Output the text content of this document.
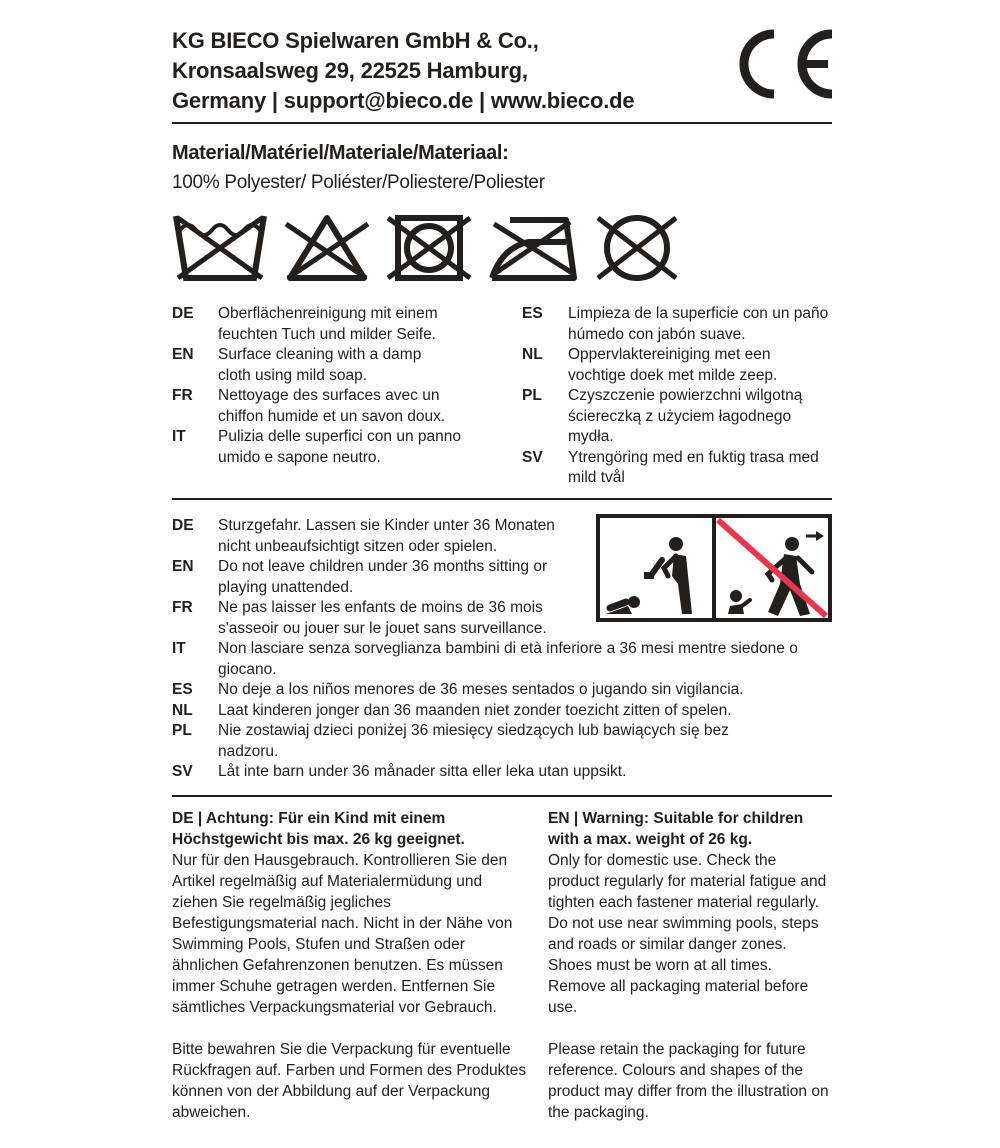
KG BIECO Spielwaren GmbH & Co.,
Kronsaalsweg 29, 22525 Hamburg,
Germany | support@bieco.de | www.bieco.de
Material/Matériel/Materiale/Materiaal:
100% Polyester/ Poliéster/Poliestere/Poliester
DE	Oberflächenreinigung mit einem feuchten Tuch und milder Seife.
EN	Surface cleaning with a damp cloth using mild soap.
FR	Nettoyage des surfaces avec un chiffon humide et un savon doux.
IT	Pulizia delle superfici con un panno umido e sapone neutro.
ES	Limpieza de la superficie con un paño húmedo con jabón suave.
NL	Oppervlaktereiniging met een vochtige doek met milde zeep.
PL	Czyszczenie powierzchni wilgotną ściereczką z użyciem łagodnego mydła.
SV	Ytrengöring med en fuktig trasa med mild tvål
DE	Sturzgefahr. Lassen sie Kinder unter 36 Monaten nicht unbeaufsichtigt sitzen oder spielen.
EN	Do not leave children under 36 months sitting or playing unattended.
FR	Ne pas laisser les enfants de moins de 36 mois s'asseoir ou jouer sur le jouet sans surveillance.
IT	Non lasciare senza sorveglianza bambini di età inferiore a 36 mesi mentre siedone o giocano.
ES	No deje a los niños menores de 36 meses sentados o jugando sin vigilancia.
NL	Laat kinderen jonger dan 36 maanden niet zonder toezicht zitten of spelen.
PL	Nie zostawiaj dzieci poniżej 36 miesięcy siedzących lub bawiących się bez nadzoru.
SV	Låt inte barn under 36 månader sitta eller leka utan uppsikt.

DE | Achtung: Für ein Kind mit einem Höchstgewicht bis max. 26 kg geeignet.

Nur für den Hausgebrauch. Kontrollieren Sie den Artikel regelmäßig auf Materialermüdung und ziehen Sie regelmäßig jegliches Befestigungsmaterial nach. Nicht in der Nähe von Swimming Pools, Stufen und Straßen oder ähnlichen Gefahrenzonen benutzen. Es müssen immer Schuhe getragen werden. Entfernen Sie sämtliches Verpackungsmaterial vor Gebrauch.

Bitte bewahren Sie die Verpackung für eventuelle Rückfragen auf. Farben und Formen des Produktes können von der Abbildung auf der Verpackung abweichen.

EN | Warning: Suitable for children with a max. weight of 26 kg.

Only for domestic use. Check the product regularly for material fatigue and tighten each fastener material regularly. Do not use near swimming pools, steps and roads or similar danger zones. Shoes must be worn at all times. Remove all packaging material before use.

Please retain the packaging for future reference. Colours and shapes of the product may differ from the illustration on the packaging.
